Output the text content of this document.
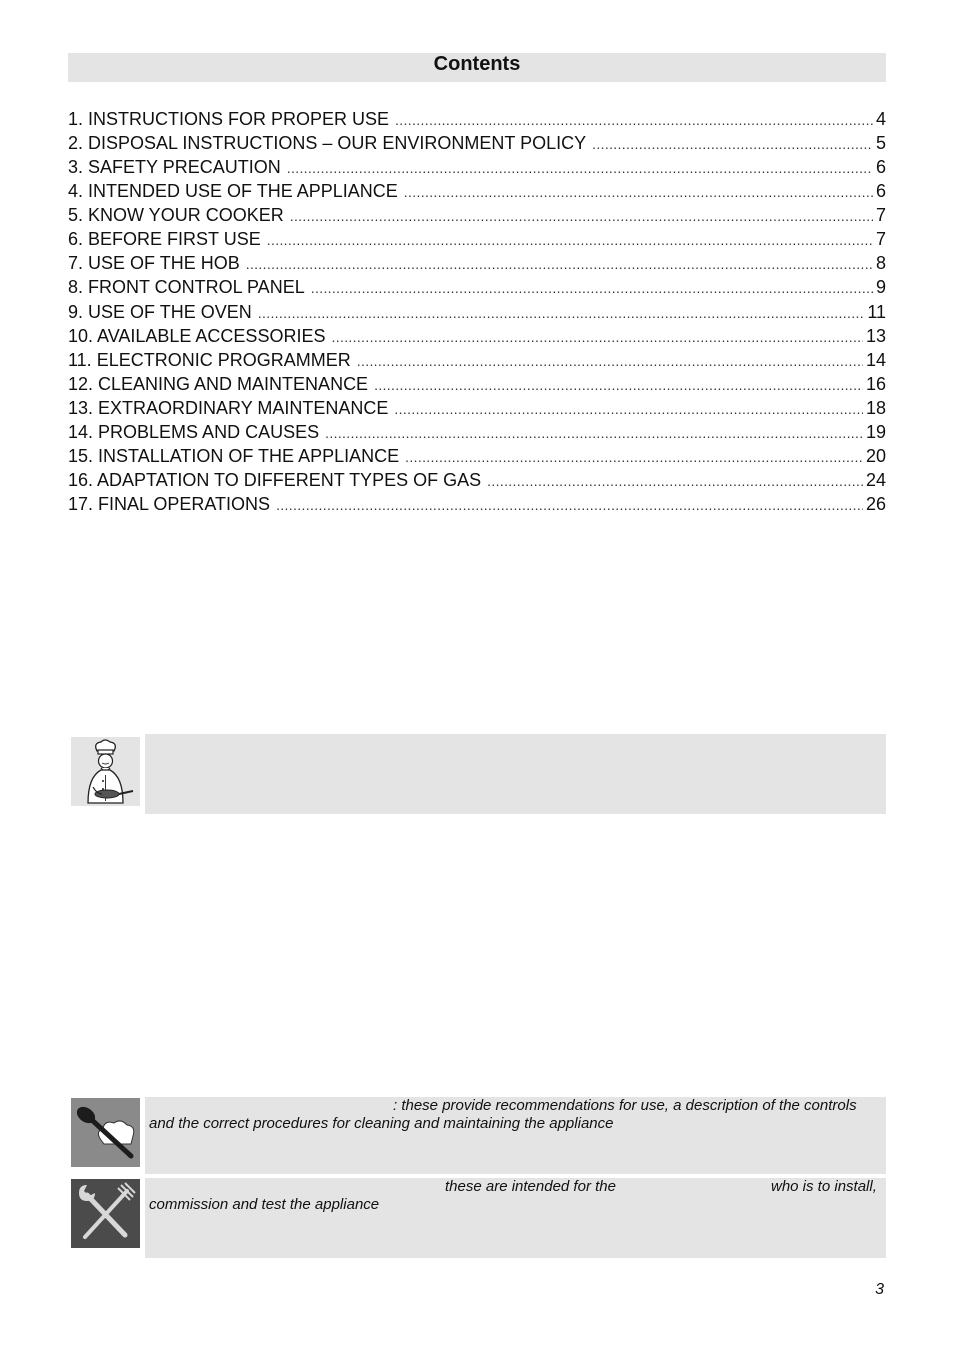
Contents
1. INSTRUCTIONS FOR PROPER USE .....	4
2. DISPOSAL INSTRUCTIONS – OUR ENVIRONMENT POLICY .....	5
3. SAFETY PRECAUTION .....	6
4. INTENDED USE OF THE APPLIANCE .....	6
5. KNOW YOUR COOKER .....	7
6. BEFORE FIRST USE .....	7
7. USE OF THE HOB .....	8
8. FRONT CONTROL PANEL .....	9
9. USE OF THE OVEN .....	11
10. AVAILABLE ACCESSORIES .....	13
11. ELECTRONIC PROGRAMMER .....	14
12. CLEANING AND MAINTENANCE .....	16
13. EXTRAORDINARY MAINTENANCE .....	18
14. PROBLEMS AND CAUSES .....	19
15. INSTALLATION OF THE APPLIANCE .....	20
16. ADAPTATION TO DIFFERENT TYPES OF GAS .....	24
17. FINAL OPERATIONS .....	26
: these provide recommendations for use, a description of the controls
and the correct procedures for cleaning and maintaining the appliance
these are intended for the	who is to install,
commission and test the appliance
3
